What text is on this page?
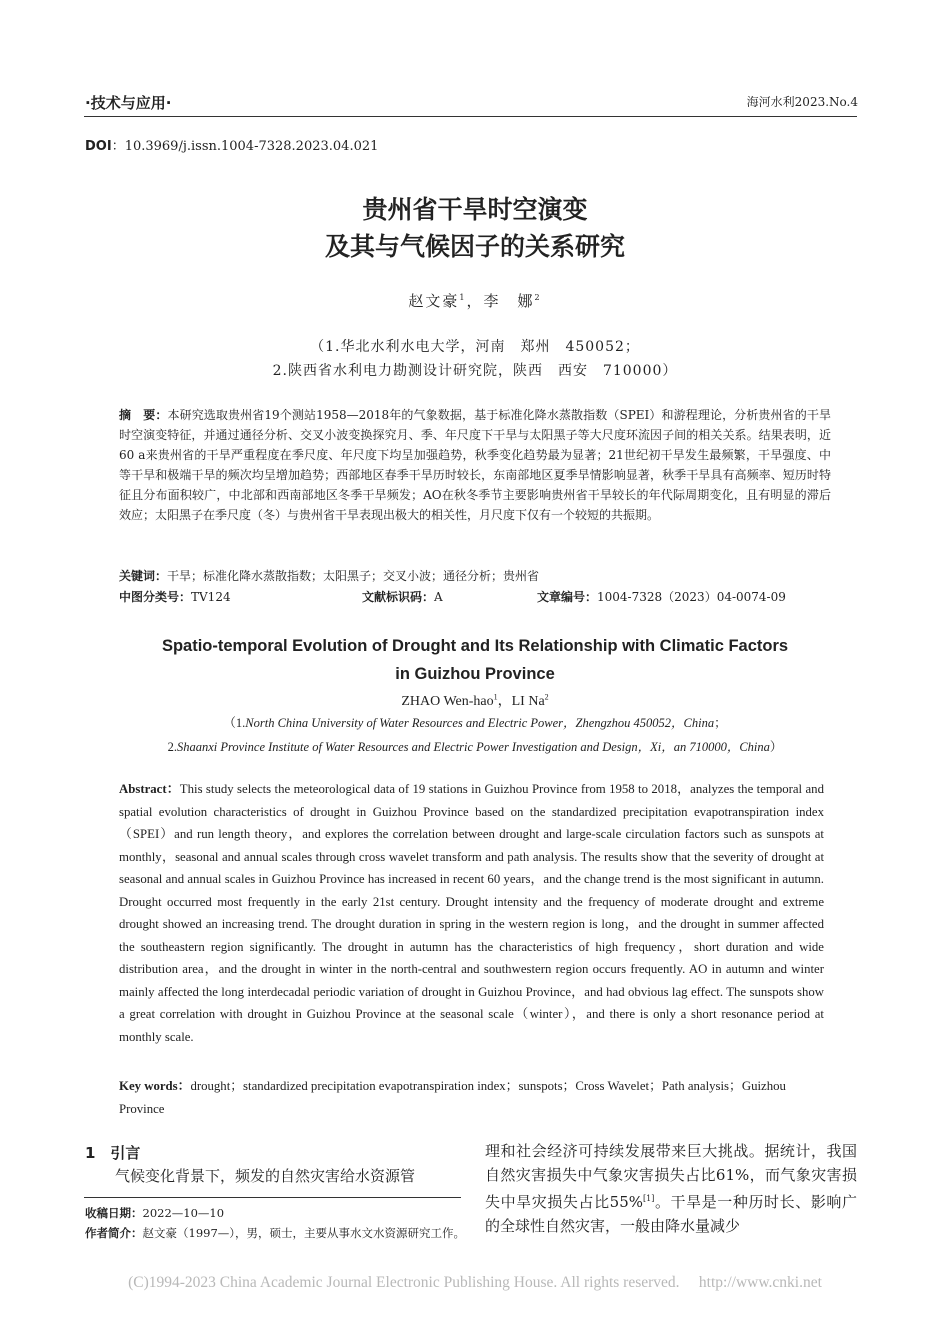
·技术与应用·	海河水利2023.No.4
DOI：10.3969/j.issn.1004-7328.2023.04.021
贵州省干旱时空演变
及其与气候因子的关系研究
赵文豪$^1$，李　娜$^2$
（1.华北水利水电大学，河南　郑州　450052；
2.陕西省水利电力勘测设计研究院，陕西　西安　710000）
摘　要：本研究选取贵州省19个测站1958—2018年的气象数据，基于标准化降水蒸散指数（SPEI）和游程理论，分析贵州省的干旱时空演变特征，并通过通径分析、交叉小波变换探究月、季、年尺度下干旱与太阳黑子等大尺度环流因子间的相关关系。结果表明，近60 a来贵州省的干旱严重程度在季尺度、年尺度下均呈加强趋势，秋季变化趋势最为显著；21世纪初干旱发生最频繁，干旱强度、中等干旱和极端干旱的频次均呈增加趋势；西部地区春季干旱历时较长，东南部地区夏季旱情影响显著，秋季干旱具有高频率、短历时特征且分布面积较广，中北部和西南部地区冬季干旱频发；AO在秋冬季节主要影响贵州省干旱较长的年代际周期变化，且有明显的滞后效应；太阳黑子在季尺度（冬）与贵州省干旱表现出极大的相关性，月尺度下仅有一个较短的共振期。
关键词：干旱；标准化降水蒸散指数；太阳黑子；交叉小波；通径分析；贵州省
中图分类号：TV124	文献标识码：A	文章编号：1004-7328（2023）04-0074-09
Spatio-temporal Evolution of Drought and Its Relationship with Climatic Factors
in Guizhou Province
ZHAO Wen-hao$^1$，LI Na$^2$
（1.North China University of Water Resources and Electric Power，Zhengzhou 450052，China；
2.Shaanxi Province Institute of Water Resources and Electric Power Investigation and Design，Xi，an 710000，China）
Abstract：This study selects the meteorological data of 19 stations in Guizhou Province from 1958 to 2018，analyzes the temporal and spatial evolution characteristics of drought in Guizhou Province based on the standardized precipitation evapotranspiration index（SPEI）and run length theory，and explores the correlation between drought and large-scale circulation factors such as sunspots at monthly，seasonal and annual scales through cross wavelet transform and path analysis. The results show that the severity of drought at seasonal and annual scales in Guizhou Province has increased in recent 60 years，and the change trend is the most significant in autumn. Drought occurred most frequently in the early 21st century. Drought intensity and the frequency of moderate drought and extreme drought showed an increasing trend. The drought duration in spring in the western region is long，and the drought in summer affected the southeastern region significantly. The drought in autumn has the characteristics of high frequency，short duration and wide distribution area，and the drought in winter in the north-central and southwestern region occurs frequently. AO in autumn and winter mainly affected the long interdecadal periodic variation of drought in Guizhou Province，and had obvious lag effect. The sunspots show a great correlation with drought in Guizhou Province at the seasonal scale（winter），and there is only a short resonance period at monthly scale.
Key words：drought；standardized precipitation evapotranspiration index；sunspots；Cross Wavelet；Path analysis；Guizhou Province
1　引言
气候变化背景下，频发的自然灾害给水资源管
收稿日期：2022—10—10
作者简介：赵文豪（1997—），男，硕士，主要从事水文水资源研究工作。
理和社会经济可持续发展带来巨大挑战。据统计，我国自然灾害损失中气象灾害损失占比61%，而气象灾害损失中旱灾损失占比55%[1]。干旱是一种历时长、影响广的全球性自然灾害，一般由降水量减少
(C)1994-2023 China Academic Journal Electronic Publishing House. All rights reserved.　 http://www.cnki.net
